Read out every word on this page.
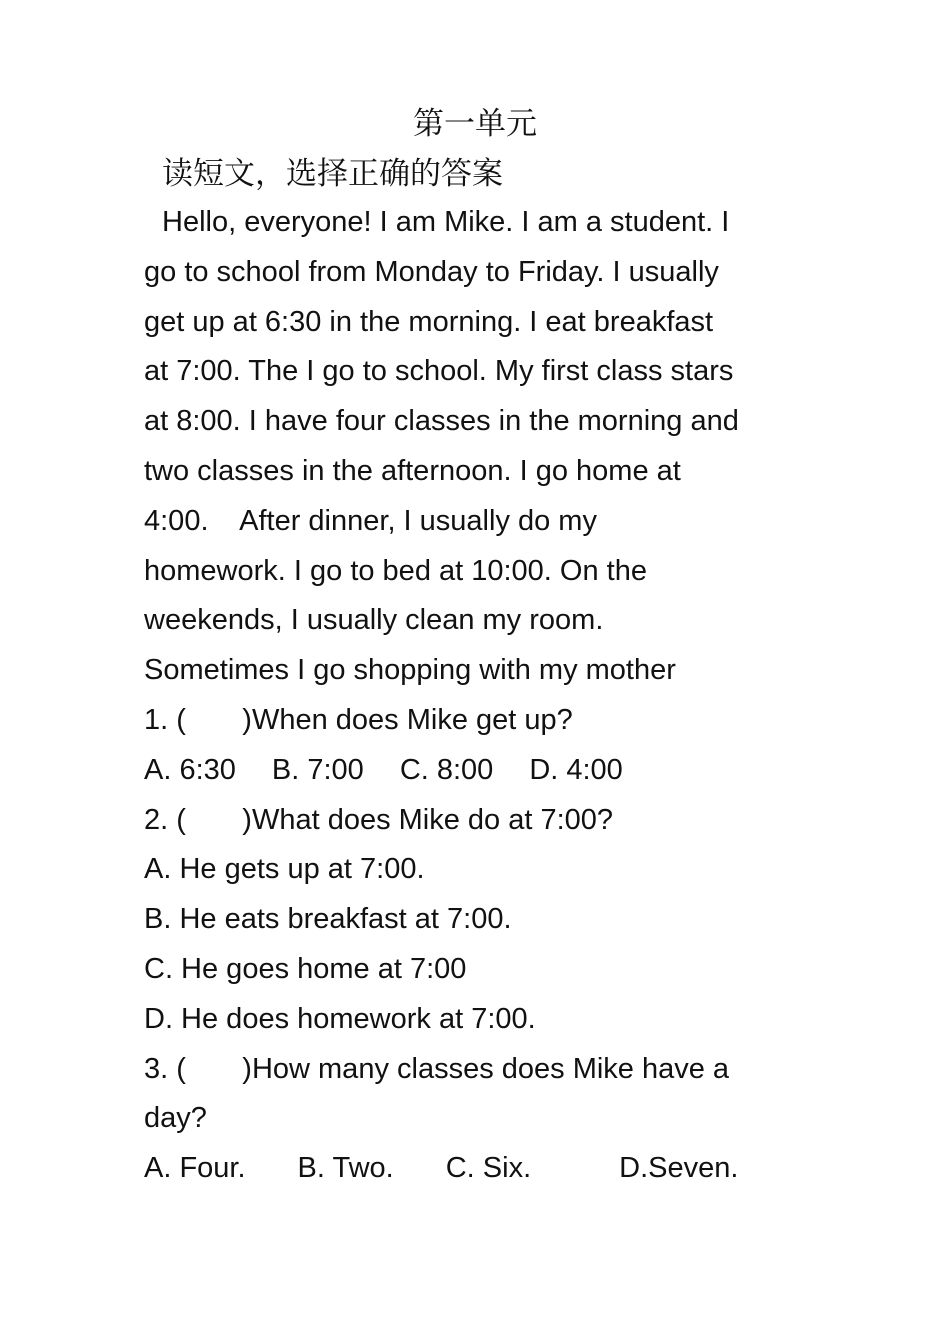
第一单元
读短文，选择正确的答案
Hello, everyone! I am Mike. I am a student. I
go to school from Monday to Friday. I usually
get up at 6:30 in the morning. I eat breakfast
at 7:00. The I go to school. My first class stars
at 8:00. I have four classes in the morning and
two classes in the afternoon. I go home at
4:00.    After dinner, I usually do my
homework. I go to bed at 10:00. On the
weekends, I usually clean my room.
Sometimes I go shopping with my mother
1. (       )When does Mike get up?
A. 6:30 B. 7:00 C. 8:00 D. 4:00
2. (       )What does Mike do at 7:00?
A. He gets up at 7:00.
B. He eats breakfast at 7:00.
C. He goes home at 7:00
D. He does homework at 7:00.
3. (       )How many classes does Mike have a
day?
A. Four. B. Two. C. Six.	D.Seven.
